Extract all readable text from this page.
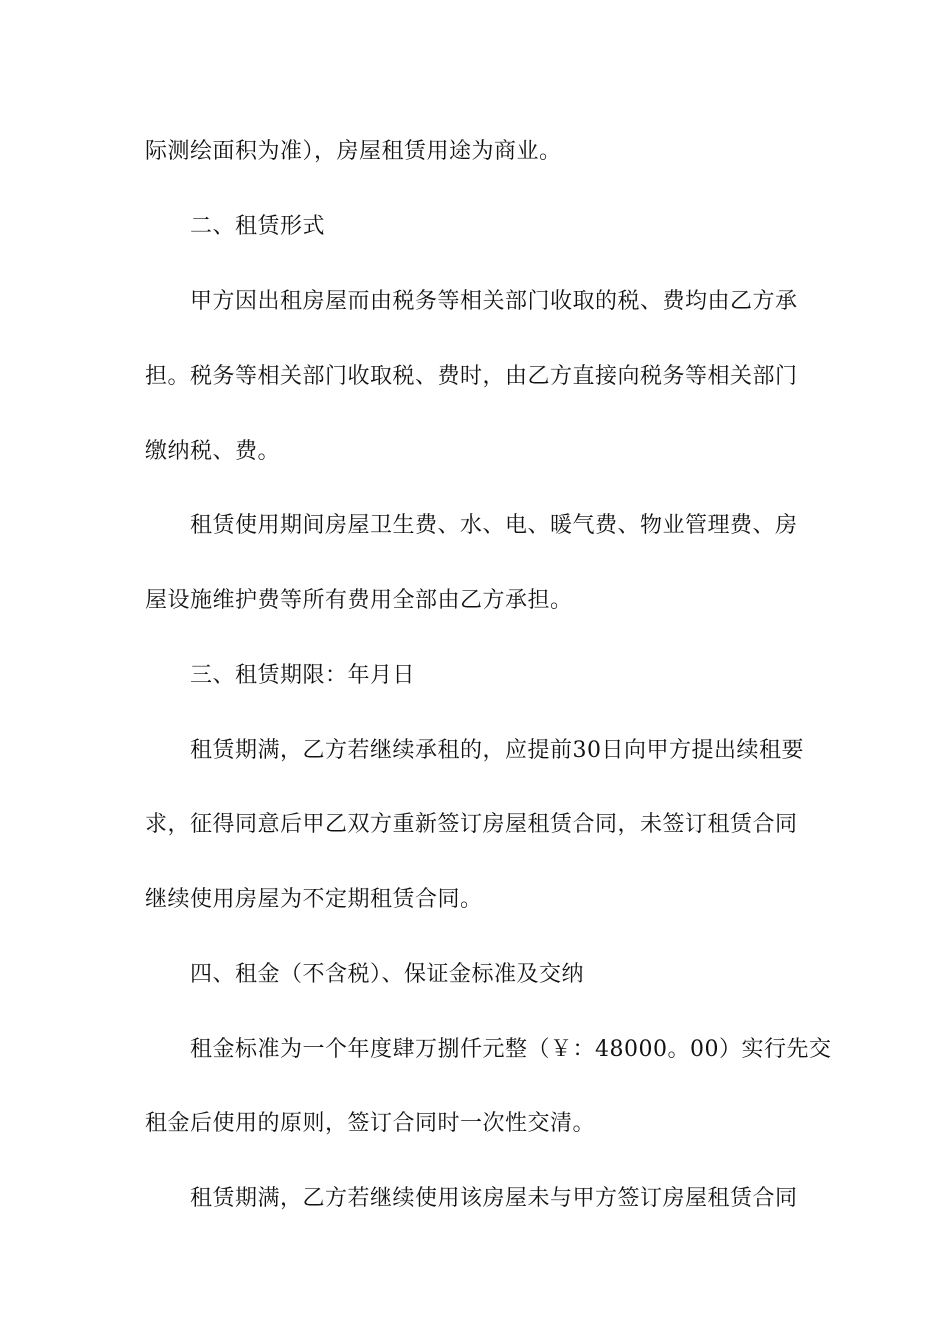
际测绘面积为准），房屋租赁用途为商业。
二、租赁形式
甲方因出租房屋而由税务等相关部门收取的税、费均由乙方承
担。税务等相关部门收取税、费时，由乙方直接向税务等相关部门
缴纳税、费。
租赁使用期间房屋卫生费、水、电、暖气费、物业管理费、房
屋设施维护费等所有费用全部由乙方承担。
三、租赁期限：年月日
租赁期满，乙方若继续承租的，应提前30日向甲方提出续租要
求，征得同意后甲乙双方重新签订房屋租赁合同，未签订租赁合同
继续使用房屋为不定期租赁合同。
四、租金（不含税）、保证金标准及交纳
租金标准为一个年度肆万捌仟元整（￥：48000。00）实行先交
租金后使用的原则，签订合同时一次性交清。
租赁期满，乙方若继续使用该房屋未与甲方签订房屋租赁合同
